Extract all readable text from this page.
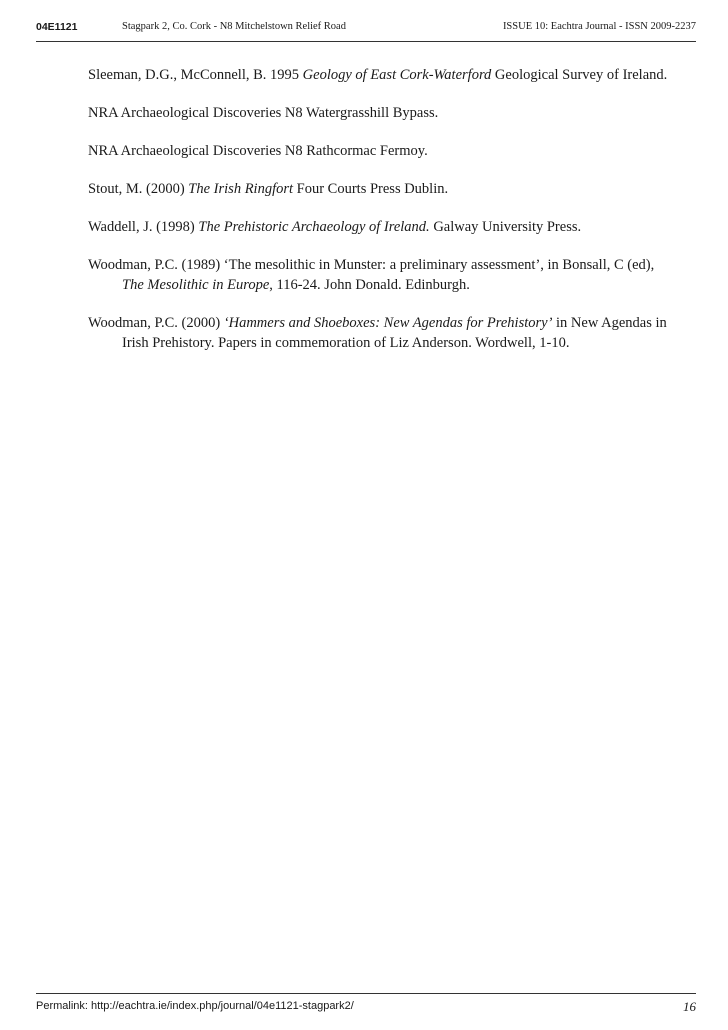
04E1121	Stagpark 2, Co. Cork - N8 Mitchelstown Relief Road	ISSUE 10: Eachtra Journal - ISSN 2009-2237

Sleeman, D.G., McConnell, B. 1995 Geology of East Cork-Waterford Geological Survey of Ireland.

NRA Archaeological Discoveries N8 Watergrasshill Bypass.

NRA Archaeological Discoveries N8 Rathcormac Fermoy.

Stout, M. (2000) The Irish Ringfort Four Courts Press Dublin.

Waddell, J. (1998) The Prehistoric Archaeology of Ireland. Galway University Press.

Woodman, P.C. (1989) ‘The mesolithic in Munster: a preliminary assessment’, in Bonsall, C (ed), The Mesolithic in Europe, 116-24. John Donald. Edinburgh.

Woodman, P.C. (2000) ‘Hammers and Shoeboxes: New Agendas for Prehistory’ in New Agendas in Irish Prehistory. Papers in commemoration of Liz Anderson. Wordwell, 1-10.

Permalink: http://eachtra.ie/index.php/journal/04e1121-stagpark2/	16
